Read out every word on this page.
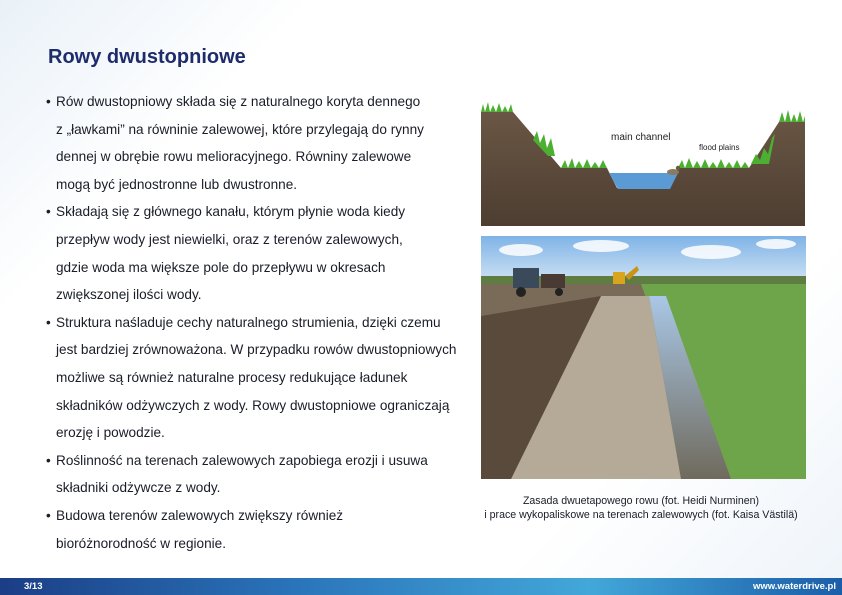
Rowy dwustopniowe
• Rów dwustopniowy składa się z naturalnego koryta dennego
z „ławkami” na równinie zalewowej, które przylegają do rynny
dennej w obrębie rowu melioracyjnego. Równiny zalewowe
mogą być jednostronne lub dwustronne.
• Składają się z głównego kanału, którym płynie woda kiedy
przepływ wody jest niewielki, oraz z terenów zalewowych,
gdzie woda ma większe pole do przepływu w okresach
zwiększonej ilości wody.
• Struktura naśladuje cechy naturalnego strumienia, dzięki czemu
jest bardziej zrównoważona. W przypadku rowów dwustopniowych
możliwe są również naturalne procesy redukujące ładunek
składników odżywczych z wody. Rowy dwustopniowe ograniczają
erozję i powodzie.
• Roślinność na terenach zalewowych zapobiega erozji i usuwa
składniki odżywcze z wody.
• Budowa terenów zalewowych zwiększy również
bioróżnorodność w regionie.
main channel
flood plains
Zasada dwuetapowego rowu (fot. Heidi Nurminen)
i prace wykopaliskowe na terenach zalewowych (fot. Kaisa Västilä)
3/13	www.waterdrive.pl
